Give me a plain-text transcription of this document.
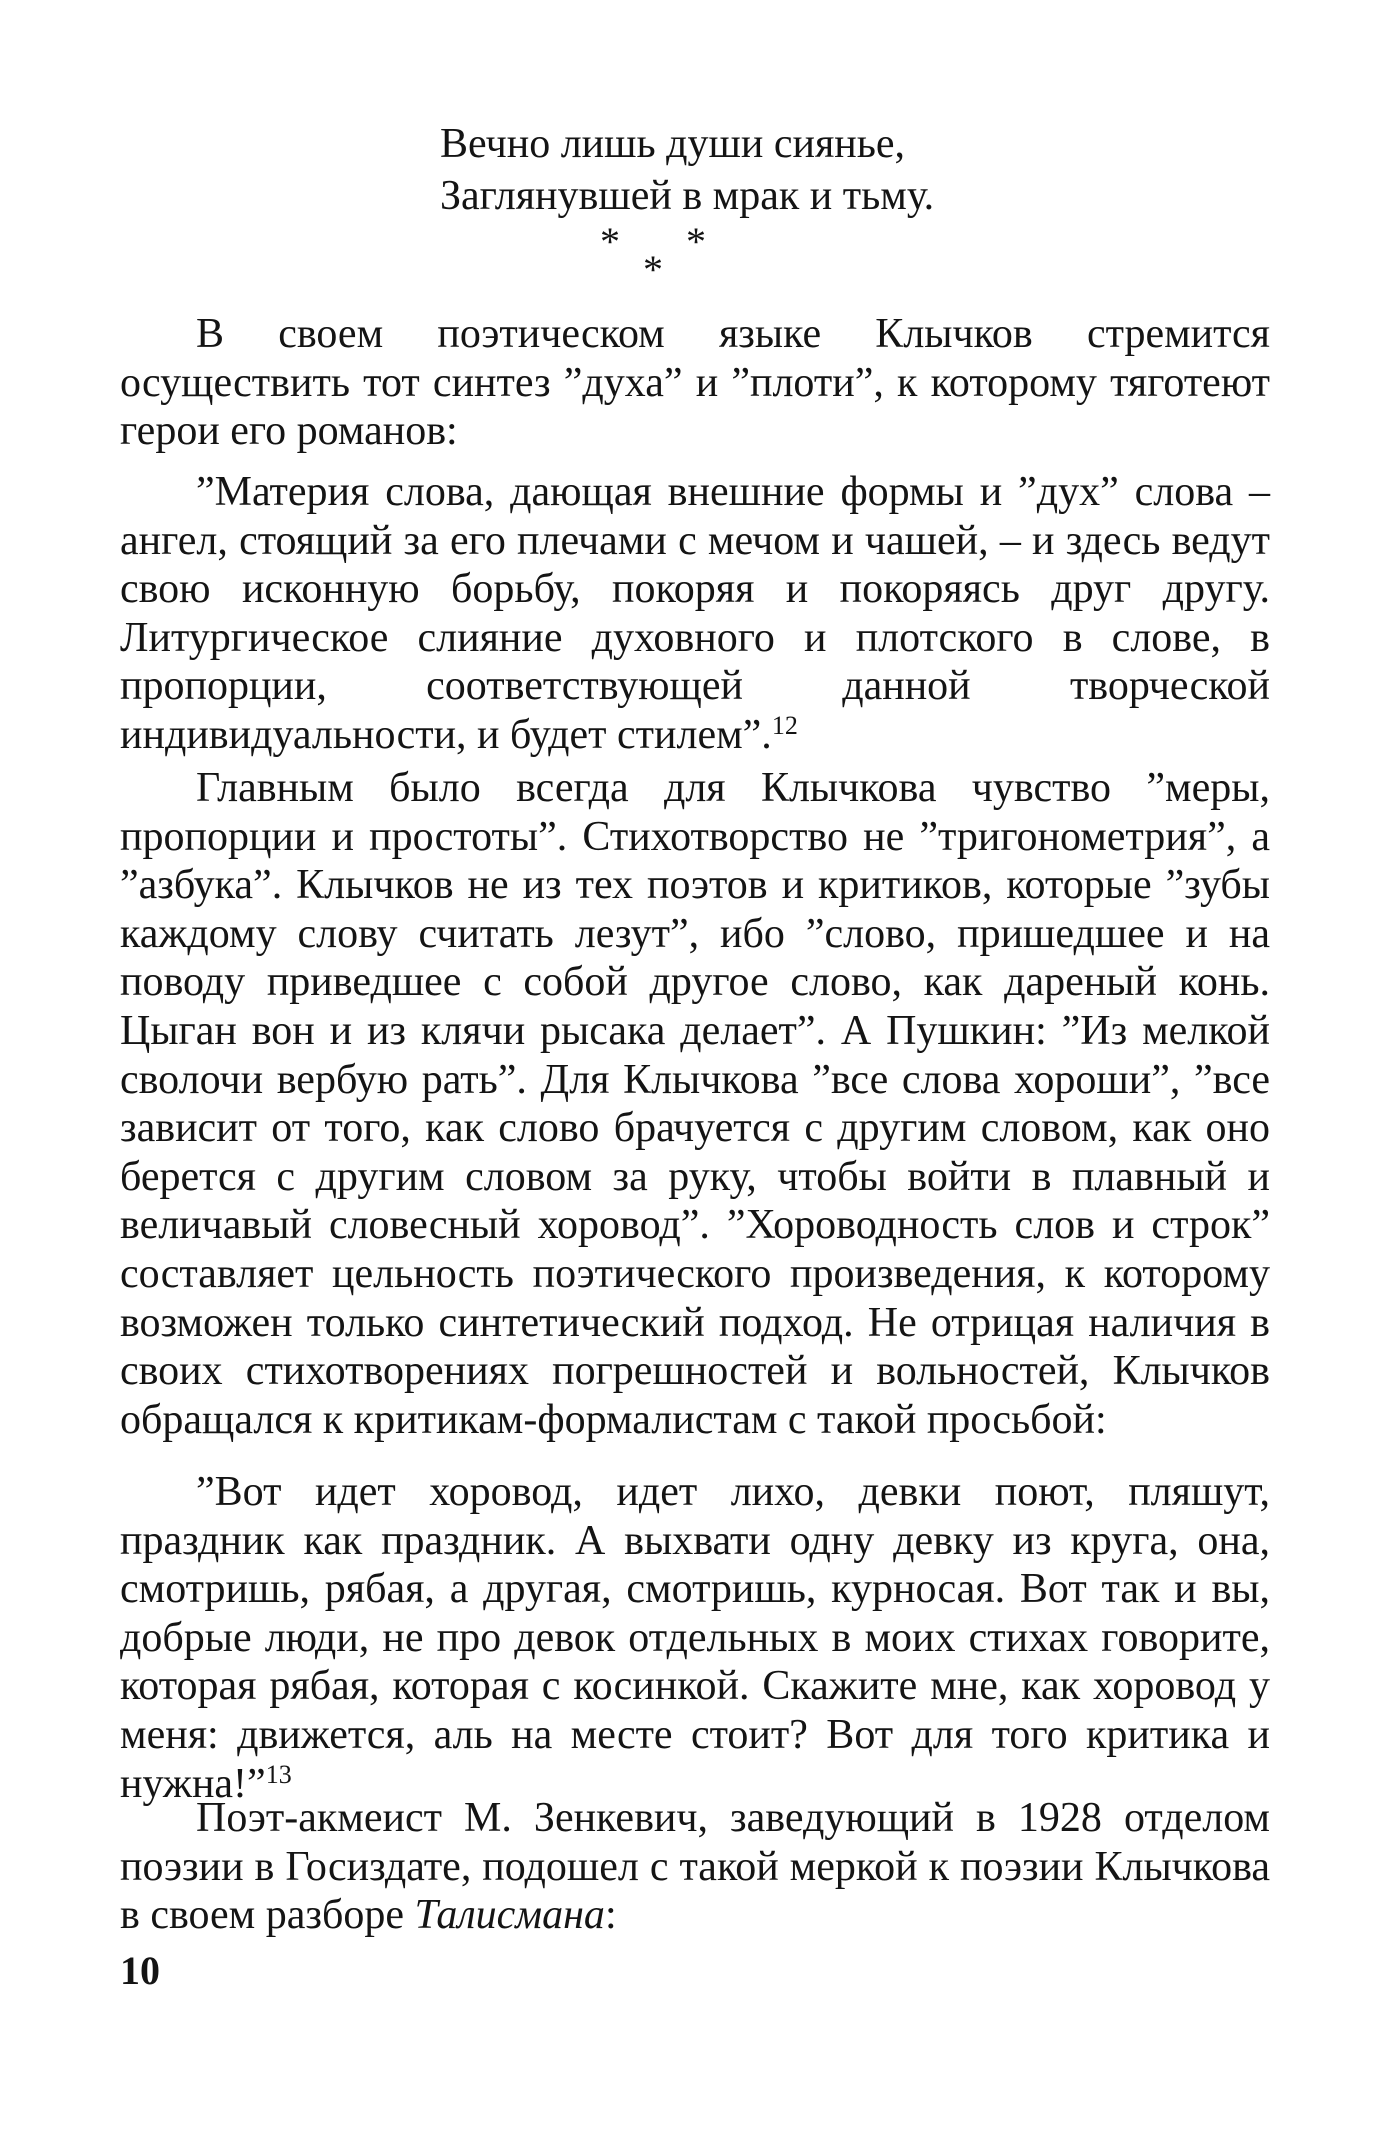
Вечно лишь души сиянье,
Заглянувшей в мрак и тьму.
* *
*

В своем поэтическом языке Клычков стремится осуществить тот синтез ”духа” и ”плоти”, к которому тяготеют герои его романов:

”Материя слова, дающая внешние формы и ”дух” слова – ангел, стоящий за его плечами с мечом и чашей, – и здесь ведут свою исконную борьбу, покоряя и покоряясь друг другу. Литургическое слияние духовного и плотского в слове, в пропорции, соответствующей данной творческой индивидуальности, и будет стилем”.$^{12}$

Главным было всегда для Клычкова чувство ”меры, пропорции и простоты”. Стихотворство не ”тригонометрия”, а ”азбука”. Клычков не из тех поэтов и критиков, которые ”зубы каждому слову считать лезут”, ибо ”слово, пришедшее и на поводу приведшее с собой другое слово, как дареный конь. Цыган вон и из клячи рысака делает”. А Пушкин: ”Из мелкой сволочи вербую рать”. Для Клычкова ”все слова хороши”, ”все зависит от того, как слово брачуется с другим словом, как оно берется с другим словом за руку, чтобы войти в плавный и величавый словесный хоровод”. ”Хороводность слов и строк” составляет цельность поэтического произведения, к которому возможен только синтетический подход. Не отрицая наличия в своих стихотворениях погрешностей и вольностей, Клычков обращался к критикам-формалистам с такой просьбой:

”Вот идет хоровод, идет лихо, девки поют, пляшут, праздник как праздник. А выхвати одну девку из круга, она, смотришь, рябая, а другая, смотришь, курносая. Вот так и вы, добрые люди, не про девок отдельных в моих стихах говорите, которая рябая, которая с косинкой. Скажите мне, как хоровод у меня: движется, аль на месте стоит? Вот для того критика и нужна!”$^{13}$

Поэт-акмеист М. Зенкевич, заведующий в 1928 отделом поэзии в Госиздате, подошел с такой меркой к поэзии Клычкова в своем разборе Талисмана:

10
